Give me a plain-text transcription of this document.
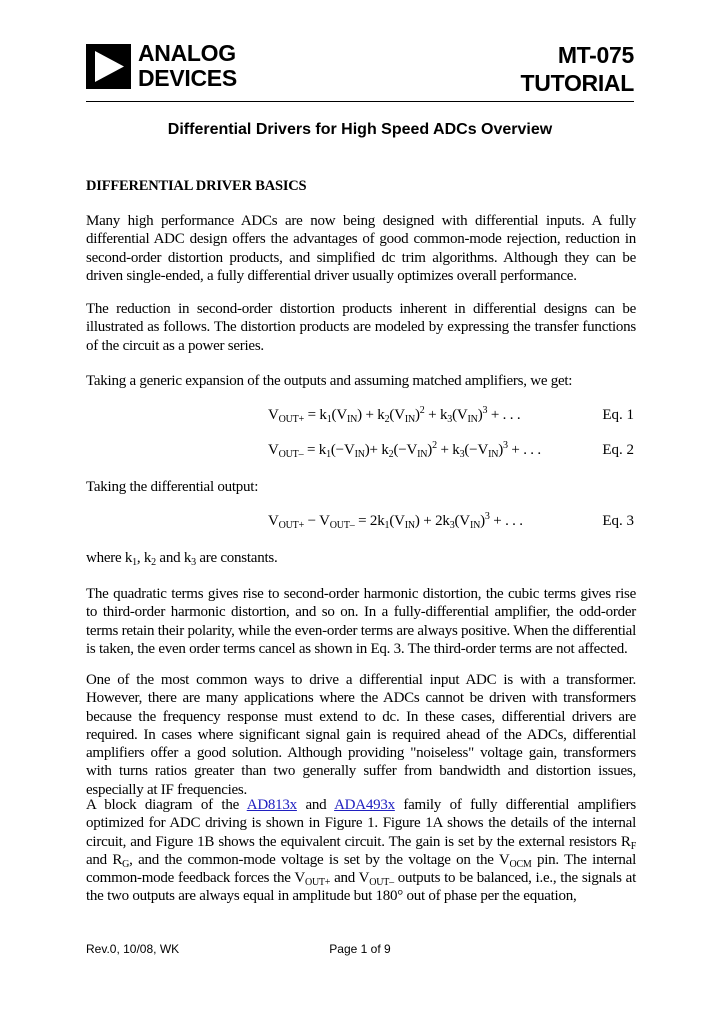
ANALOG
DEVICES
MT-075
TUTORIAL
Differential Drivers for High Speed ADCs Overview
DIFFERENTIAL DRIVER BASICS

Many high performance ADCs are now being designed with differential inputs. A fully differential ADC design offers the advantages of good common-mode rejection, reduction in second-order distortion products, and simplified dc trim algorithms. Although they can be driven single-ended, a fully differential driver usually optimizes overall performance.

The reduction in second-order distortion products inherent in differential designs can be illustrated as follows. The distortion products are modeled by expressing the transfer functions of the circuit as a power series.

Taking a generic expansion of the outputs and assuming matched amplifiers, we get:

$V_{OUT+} = k_1(V_{IN}) + k_2(V_{IN})^2 + k_3(V_{IN})^3$ + . . .	Eq. 1
$V_{OUT-} = k_1(-V_{IN})+ k_2(-V_{IN})^2 + k_3(-V_{IN})^3$ + . . .	Eq. 2

Taking the differential output:

$V_{OUT+} - V_{OUT-} = 2k_1(V_{IN}) + 2k_3(V_{IN})^3$ + . . .	Eq. 3

where $k_1$, $k_2$ and $k_3$ are constants.

The quadratic terms gives rise to second-order harmonic distortion, the cubic terms gives rise to third-order harmonic distortion, and so on. In a fully-differential amplifier, the odd-order terms retain their polarity, while the even-order terms are always positive. When the differential is taken, the even order terms cancel as shown in Eq. 3. The third-order terms are not affected.

One of the most common ways to drive a differential input ADC is with a transformer. However, there are many applications where the ADCs cannot be driven with transformers because the frequency response must extend to dc. In these cases, differential drivers are required. In cases where significant signal gain is required ahead of the ADCs, differential amplifiers offer a good solution. Although providing "noiseless" voltage gain, transformers with turns ratios greater than two generally suffer from bandwidth and distortion issues, especially at IF frequencies.

A block diagram of the AD813x and ADA493x family of fully differential amplifiers optimized for ADC driving is shown in Figure 1. Figure 1A shows the details of the internal circuit, and Figure 1B shows the equivalent circuit. The gain is set by the external resistors $R_F$ and $R_G$, and the common-mode voltage is set by the voltage on the $V_{OCM}$ pin. The internal common-mode feedback forces the $V_{OUT+}$ and $V_{OUT-}$ outputs to be balanced, i.e., the signals at the two outputs are always equal in amplitude but 180° out of phase per the equation,

Rev.0, 10/08, WK	Page 1 of 9
